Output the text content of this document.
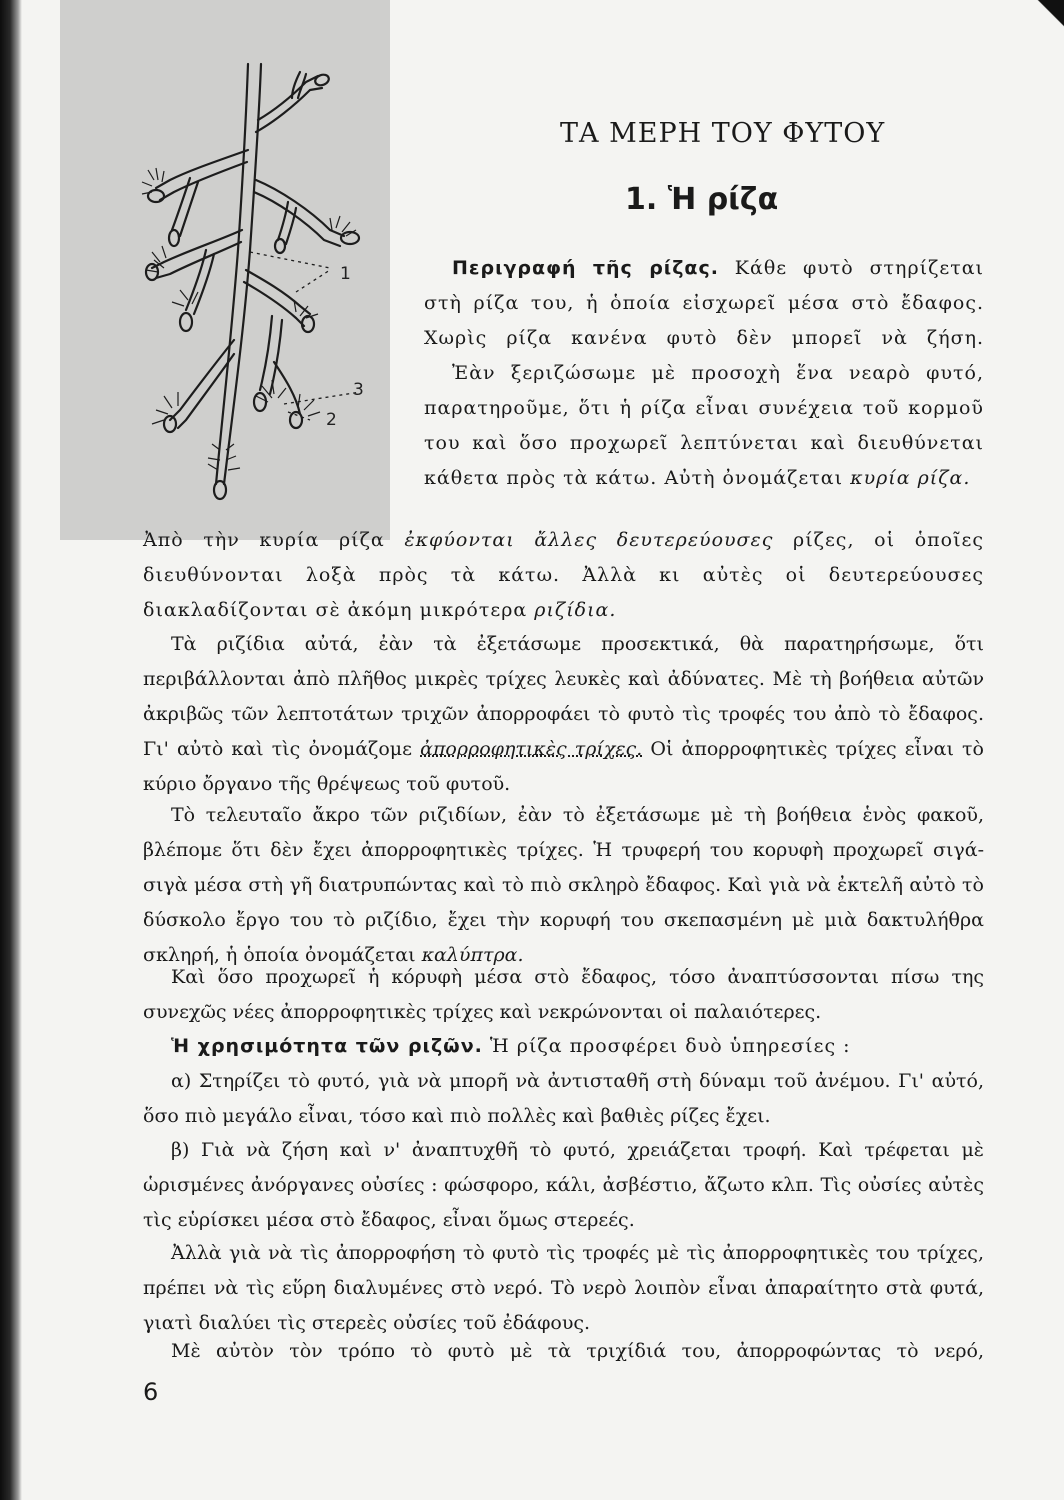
1
2
3
ΤΑ ΜΕΡΗ ΤΟΥ ΦΥΤΟΥ
1. Ἡ ρίζα
Περιγραφή τῆς ρίζας. Κάθε φυτὸ στηρίζεται στὴ ρίζα του, ἡ ὁποία εἰσχωρεῖ μέσα στὸ ἔδαφος. Χωρὶς ρίζα κανένα φυτὸ δὲν μπορεῖ νὰ ζήση.
Ἐὰν ξεριζώσωμε μὲ προσοχὴ ἕνα νεαρὸ φυτό, παρατηροῦμε, ὅτι ἡ ρίζα εἶναι συνέχεια τοῦ κορμοῦ του καὶ ὅσο προχωρεῖ λεπτύνεται καὶ διευθύνεται κάθετα πρὸς τὰ κάτω. Αὐτὴ ὀνομάζεται κυρία ρίζα.
Ἀπὸ τὴν κυρία ρίζα ἐκφύονται ἄλλες δευτερεύουσες ρίζες, οἱ ὁποῖες διευθύνονται λοξὰ πρὸς τὰ κάτω. Ἀλλὰ κι αὐτὲς οἱ δευτερεύουσες διακλαδίζονται σὲ ἀκόμη μικρότερα ριζίδια.
Τὰ ριζίδια αὐτά, ἐὰν τὰ ἐξετάσωμε προσεκτικά, θὰ παρατηρήσωμε, ὅτι περιβάλλονται ἀπὸ πλῆθος μικρὲς τρίχες λευκὲς καὶ ἀδύνατες. Μὲ τὴ βοήθεια αὐτῶν ἀκριβῶς τῶν λεπτοτάτων τριχῶν ἀπορροφάει τὸ φυτὸ τὶς τροφές του ἀπὸ τὸ ἔδαφος. Γι' αὐτὸ καὶ τὶς ὀνομάζομε ἀπορροφητικὲς τρίχες. Οἱ ἀπορροφητικὲς τρίχες εἶναι τὸ κύριο ὄργανο τῆς θρέψεως τοῦ φυτοῦ.
Τὸ τελευταῖο ἄκρο τῶν ριζιδίων, ἐὰν τὸ ἐξετάσωμε μὲ τὴ βοήθεια ἑνὸς φακοῦ, βλέπομε ὅτι δὲν ἔχει ἀπορροφητικὲς τρίχες. Ἡ τρυφερή του κορυφὴ προχωρεῖ σιγά-σιγὰ μέσα στὴ γῆ διατρυπώντας καὶ τὸ πιὸ σκληρὸ ἔδαφος. Καὶ γιὰ νὰ ἐκτελῆ αὐτὸ τὸ δύσκολο ἔργο του τὸ ριζίδιο, ἔχει τὴν κορυφή του σκεπασμένη μὲ μιὰ δακτυλήθρα σκληρή, ἡ ὁποία ὀνομάζεται καλύπτρα.
Καὶ ὅσο προχωρεῖ ἡ κόρυφὴ μέσα στὸ ἔδαφος, τόσο ἀναπτύσσονται πίσω της συνεχῶς νέες ἀπορροφητικὲς τρίχες καὶ νεκρώνονται οἱ παλαιότερες.
Ἡ χρησιμότητα τῶν ριζῶν. Ἡ ρίζα προσφέρει δυὸ ὑπηρεσίες :
α) Στηρίζει τὸ φυτό, γιὰ νὰ μπορῆ νὰ ἀντισταθῆ στὴ δύναμι τοῦ ἀνέμου. Γι' αὐτό, ὅσο πιὸ μεγάλο εἶναι, τόσο καὶ πιὸ πολλὲς καὶ βαθιὲς ρίζες ἔχει.
β) Γιὰ νὰ ζήση καὶ ν' ἀναπτυχθῆ τὸ φυτό, χρειάζεται τροφή. Καὶ τρέφεται μὲ ὡρισμένες ἀνόργανες οὐσίες : φώσφορο, κάλι, ἀσβέστιο, ἄζωτο κλπ. Τὶς οὐσίες αὐτὲς τὶς εὑρίσκει μέσα στὸ ἔδαφος, εἶναι ὅμως στερεές.
Ἀλλὰ γιὰ νὰ τὶς ἀπορροφήση τὸ φυτὸ τὶς τροφές μὲ τὶς ἀπορροφητικὲς του τρίχες, πρέπει νὰ τὶς εὕρη διαλυμένες στὸ νερό. Τὸ νερὸ λοιπὸν εἶναι ἀπαραίτητο στὰ φυτά, γιατὶ διαλύει τὶς στερεὲς οὐσίες τοῦ ἐδάφους.
Μὲ αὐτὸν τὸν τρόπο τὸ φυτὸ μὲ τὰ τριχίδιά του, ἀπορροφώντας τὸ νερό,
6
